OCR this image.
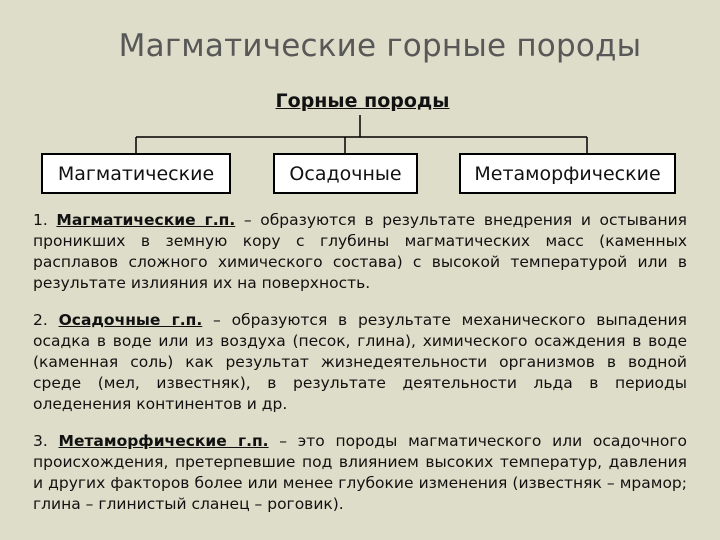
Магматические горные породы
Горные породы
Магматические	Осадочные	Метаморфические
1. Магматические г.п. – образуются в результате внедрения и остывания проникших в земную кору с глубины магматических масс (каменных расплавов сложного химического состава) с высокой температурой или в результате излияния их на поверхность.
2. Осадочные г.п. – образуются в результате механического выпадения осадка в воде или из воздуха (песок, глина), химического осаждения в воде (каменная соль) как результат жизнедеятельности организмов в водной среде (мел, известняк), в результате деятельности льда в периоды оледенения континентов и др.
3. Метаморфические г.п. – это породы магматического или осадочного происхождения, претерпевшие под влиянием высоких температур, давления и других факторов более или менее глубокие изменения (известняк – мрамор; глина – глинистый сланец – роговик).
